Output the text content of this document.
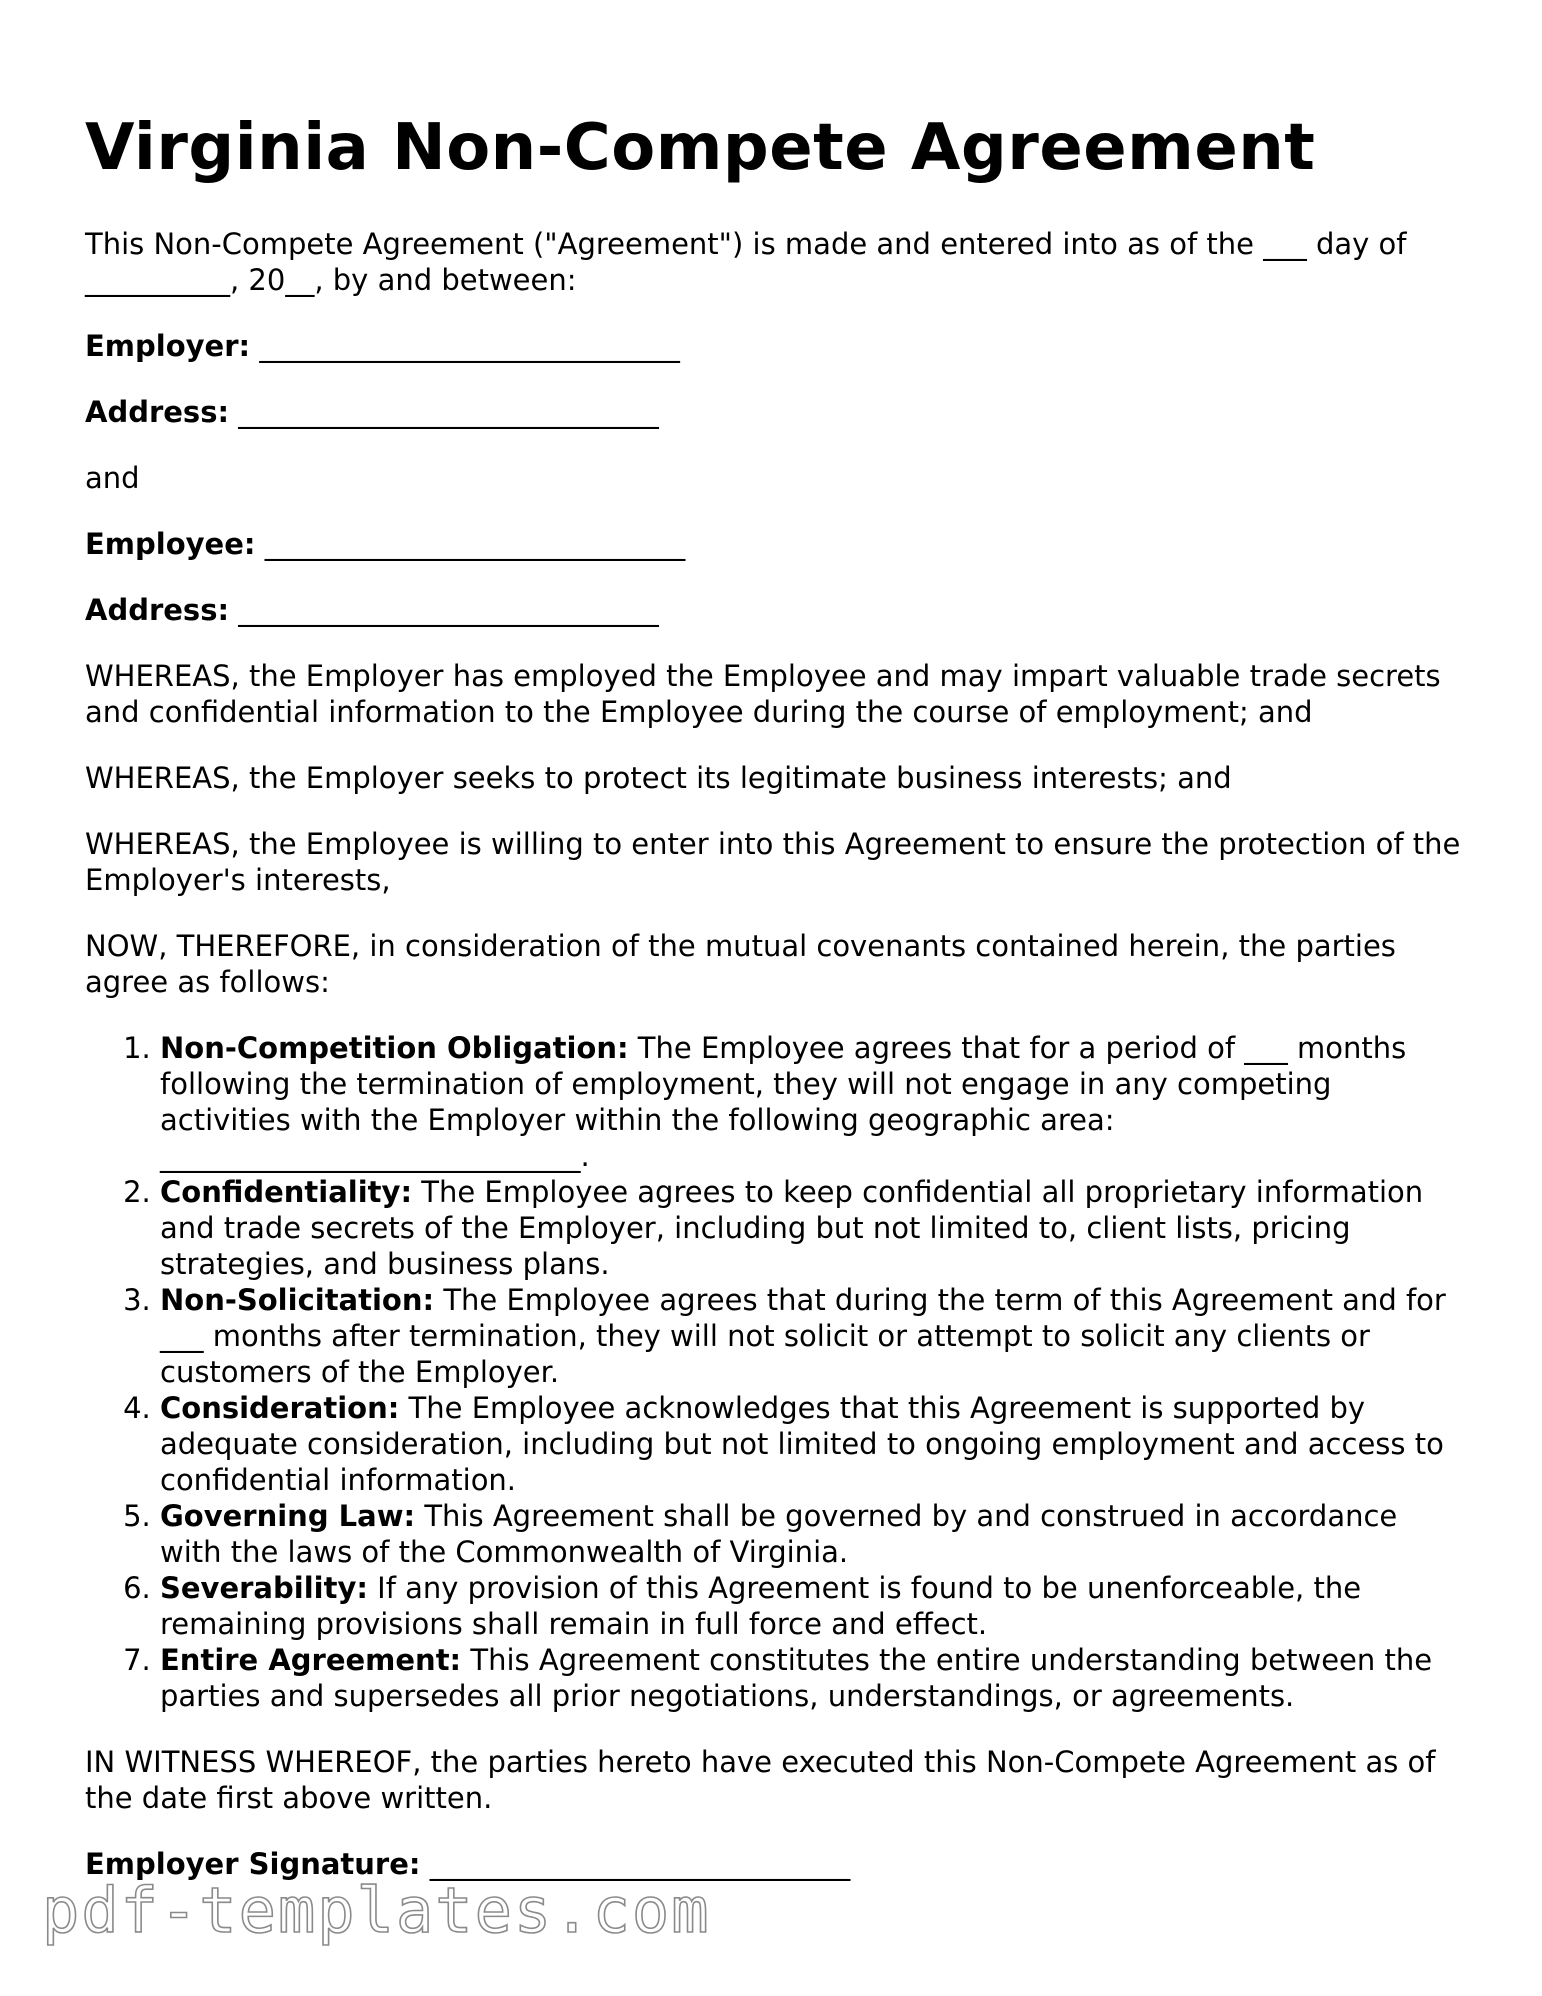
Virginia Non-Compete Agreement

This Non-Compete Agreement ("Agreement") is made and entered into as of the ___ day of __________, 20__, by and between:

Employer: _____________________________
Address: _____________________________

and

Employee: _____________________________
Address: _____________________________

WHEREAS, the Employer has employed the Employee and may impart valuable trade secrets and confidential information to the Employee during the course of employment; and

WHEREAS, the Employer seeks to protect its legitimate business interests; and

WHEREAS, the Employee is willing to enter into this Agreement to ensure the protection of the Employer's interests,

NOW, THEREFORE, in consideration of the mutual covenants contained herein, the parties agree as follows:

1. Non-Competition Obligation: The Employee agrees that for a period of ___ months following the termination of employment, they will not engage in any competing activities with the Employer within the following geographic area: _____________________________.
2. Confidentiality: The Employee agrees to keep confidential all proprietary information and trade secrets of the Employer, including but not limited to, client lists, pricing strategies, and business plans.
3. Non-Solicitation: The Employee agrees that during the term of this Agreement and for ___ months after termination, they will not solicit or attempt to solicit any clients or customers of the Employer.
4. Consideration: The Employee acknowledges that this Agreement is supported by adequate consideration, including but not limited to ongoing employment and access to confidential information.
5. Governing Law: This Agreement shall be governed by and construed in accordance with the laws of the Commonwealth of Virginia.
6. Severability: If any provision of this Agreement is found to be unenforceable, the remaining provisions shall remain in full force and effect.
7. Entire Agreement: This Agreement constitutes the entire understanding between the parties and supersedes all prior negotiations, understandings, or agreements.

IN WITNESS WHEREOF, the parties hereto have executed this Non-Compete Agreement as of the date first above written.

Employer Signature: _____________________________
pdf-templates.com
